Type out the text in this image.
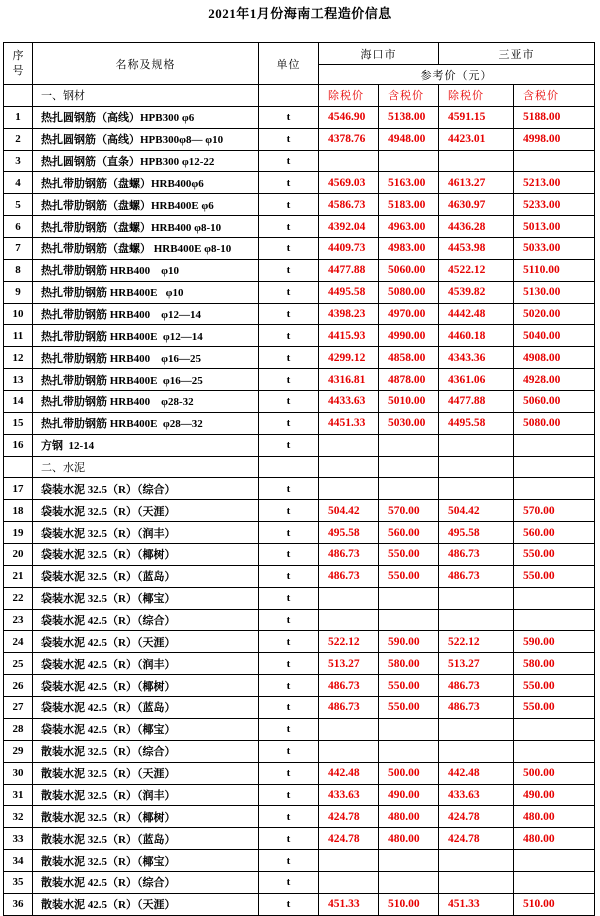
2021年1月份海南工程造价信息
序
号	名称及规格	单位	海口市		三亚市	
			参考价（元）			
	一、钢材		除税价	含税价	除税价	含税价
1	热扎圆钢筋（高线）HPB300 φ6	t	4546.90	5138.00	4591.15	5188.00
2	热扎圆钢筋（高线）HPB300φ8— φ10	t	4378.76	4948.00	4423.01	4998.00
3	热扎圆钢筋（直条）HPB300 φ12-22	t				
4	热扎带肋钢筋（盘螺）HRB400φ6	t	4569.03	5163.00	4613.27	5213.00
5	热扎带肋钢筋（盘螺）HRB400E φ6	t	4586.73	5183.00	4630.97	5233.00
6	热扎带肋钢筋（盘螺）HRB400 φ8-10	t	4392.04	4963.00	4436.28	5013.00
7	热扎带肋钢筋（盘螺） HRB400E φ8-10	t	4409.73	4983.00	4453.98	5033.00
8	热扎带肋钢筋 HRB400    φ10	t	4477.88	5060.00	4522.12	5110.00
9	热扎带肋钢筋 HRB400E   φ10	t	4495.58	5080.00	4539.82	5130.00
10	热扎带肋钢筋 HRB400    φ12—14	t	4398.23	4970.00	4442.48	5020.00
11	热扎带肋钢筋 HRB400E  φ12—14	t	4415.93	4990.00	4460.18	5040.00
12	热扎带肋钢筋 HRB400    φ16—25	t	4299.12	4858.00	4343.36	4908.00
13	热扎带肋钢筋 HRB400E  φ16—25	t	4316.81	4878.00	4361.06	4928.00
14	热扎带肋钢筋 HRB400    φ28-32	t	4433.63	5010.00	4477.88	5060.00
15	热扎带肋钢筋 HRB400E  φ28—32	t	4451.33	5030.00	4495.58	5080.00
16	方钢  12-14	t				
	二、水泥					
17	袋装水泥 32.5（R）（综合）	t				
18	袋装水泥 32.5（R）（天涯）	t	504.42	570.00	504.42	570.00
19	袋装水泥 32.5（R）（润丰）	t	495.58	560.00	495.58	560.00
20	袋装水泥 32.5（R）（椰树）	t	486.73	550.00	486.73	550.00
21	袋装水泥 32.5（R）（蓝岛）	t	486.73	550.00	486.73	550.00
22	袋装水泥 32.5（R）（椰宝）	t				
23	袋装水泥 42.5（R）（综合）	t				
24	袋装水泥 42.5（R）（天涯）	t	522.12	590.00	522.12	590.00
25	袋装水泥 42.5（R）（润丰）	t	513.27	580.00	513.27	580.00
26	袋装水泥 42.5（R）（椰树）	t	486.73	550.00	486.73	550.00
27	袋装水泥 42.5（R）（蓝岛）	t	486.73	550.00	486.73	550.00
28	袋装水泥 42.5（R）（椰宝）	t				
29	散装水泥 32.5（R）（综合）	t				
30	散装水泥 32.5（R）（天涯）	t	442.48	500.00	442.48	500.00
31	散装水泥 32.5（R）（润丰）	t	433.63	490.00	433.63	490.00
32	散装水泥 32.5（R）（椰树）	t	424.78	480.00	424.78	480.00
33	散装水泥 32.5（R）（蓝岛）	t	424.78	480.00	424.78	480.00
34	散装水泥 32.5（R）（椰宝）	t				
35	散装水泥 42.5（R）（综合）	t				
36	散装水泥 42.5（R）（天涯）	t	451.33	510.00	451.33	510.00
